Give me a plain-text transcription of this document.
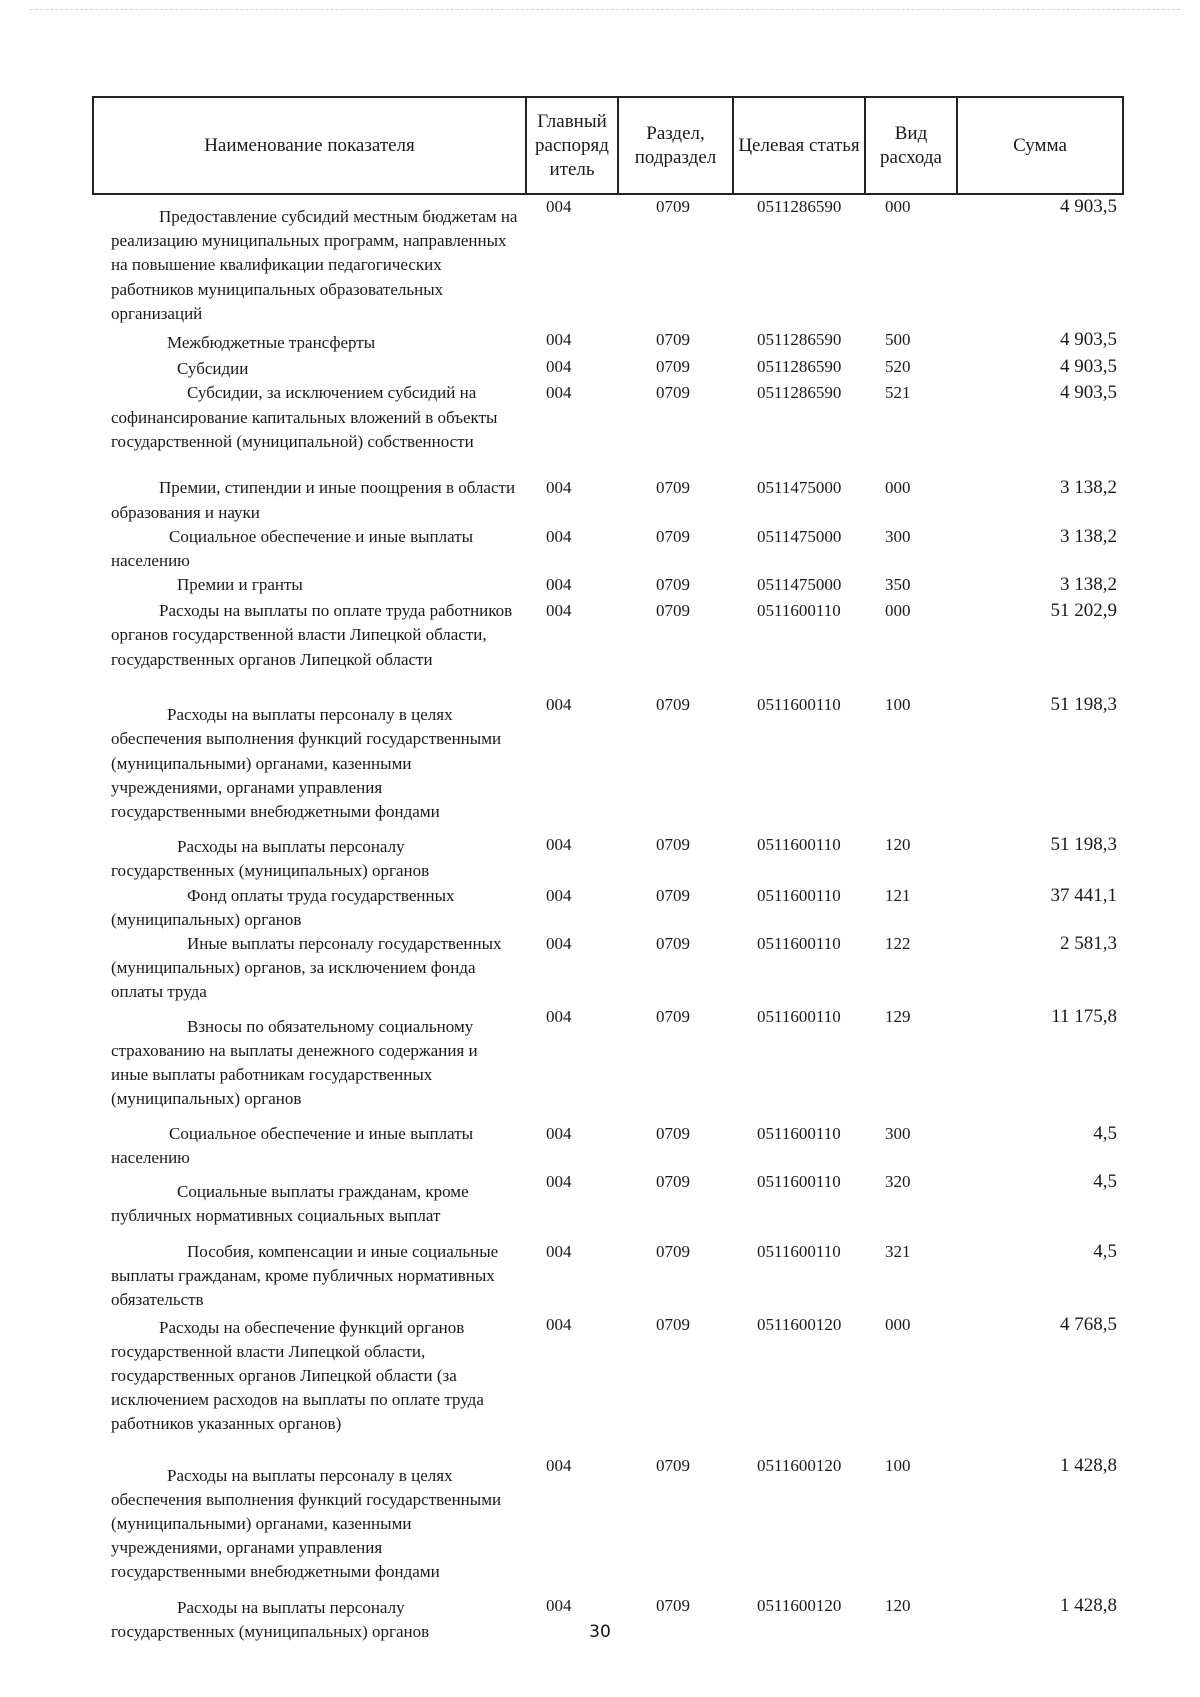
Наименование показателя	Главный распоряд итель	Раздел, подраздел	Целевая статья	Вид расхода	Сумма
Предоставление субсидий местным бюджетам на реализацию муниципальных программ, направленных на повышение квалификации педагогических работников муниципальных образовательных организаций	004	0709	0511286590	000	4 903,5
Межбюджетные трансферты	004	0709	0511286590	500	4 903,5
Субсидии	004	0709	0511286590	520	4 903,5
Субсидии, за исключением субсидий на софинансирование капитальных вложений в объекты государственной (муниципальной) собственности	004	0709	0511286590	521	4 903,5
Премии, стипендии и иные поощрения в области образования и науки	004	0709	0511475000	000	3 138,2
Социальное обеспечение и иные выплаты населению	004	0709	0511475000	300	3 138,2
Премии и гранты	004	0709	0511475000	350	3 138,2
Расходы на выплаты по оплате труда работников органов государственной власти Липецкой области, государственных органов Липецкой области	004	0709	0511600110	000	51 202,9
Расходы на выплаты персоналу в целях обеспечения выполнения функций государственными (муниципальными) органами, казенными учреждениями, органами управления государственными внебюджетными фондами	004	0709	0511600110	100	51 198,3
Расходы на выплаты персоналу государственных (муниципальных) органов	004	0709	0511600110	120	51 198,3
Фонд оплаты труда государственных (муниципальных) органов	004	0709	0511600110	121	37 441,1
Иные выплаты персоналу государственных (муниципальных) органов, за исключением фонда оплаты труда	004	0709	0511600110	122	2 581,3
Взносы по обязательному социальному страхованию на выплаты денежного содержания и иные выплаты работникам государственных (муниципальных) органов	004	0709	0511600110	129	11 175,8
Социальное обеспечение и иные выплаты населению	004	0709	0511600110	300	4,5
Социальные выплаты гражданам, кроме публичных нормативных социальных выплат	004	0709	0511600110	320	4,5
Пособия, компенсации и иные социальные выплаты гражданам, кроме публичных нормативных обязательств	004	0709	0511600110	321	4,5
Расходы на обеспечение функций органов государственной власти Липецкой области, государственных органов Липецкой области (за исключением расходов на выплаты по оплате труда работников указанных органов)	004	0709	0511600120	000	4 768,5
Расходы на выплаты персоналу в целях обеспечения выполнения функций государственными (муниципальными) органами, казенными учреждениями, органами управления государственными внебюджетными фондами	004	0709	0511600120	100	1 428,8
Расходы на выплаты персоналу государственных (муниципальных) органов	004	0709	0511600120	120	1 428,8
30
